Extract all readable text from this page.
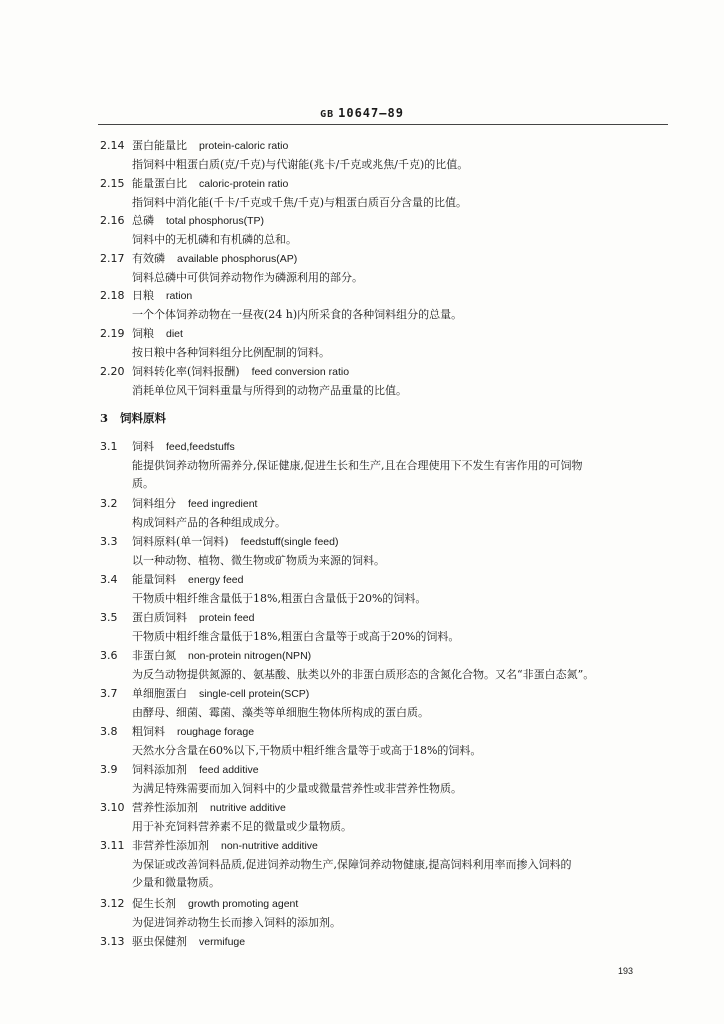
GB 10647—89
2.14 蛋白能量比 protein-caloric ratio
指饲料中粗蛋白质(克/千克)与代谢能(兆卡/千克或兆焦/千克)的比值。
2.15 能量蛋白比 caloric-protein ratio
指饲料中消化能(千卡/千克或千焦/千克)与粗蛋白质百分含量的比值。
2.16 总磷 total phosphorus(TP)
饲料中的无机磷和有机磷的总和。
2.17 有效磷 available phosphorus(AP)
饲料总磷中可供饲养动物作为磷源利用的部分。
2.18 日粮 ration
一个个体饲养动物在一昼夜(24 h)内所采食的各种饲料组分的总量。
2.19 饲粮 diet
按日粮中各种饲料组分比例配制的饲料。
2.20 饲料转化率(饲料报酬) feed conversion ratio
消耗单位风干饲料重量与所得到的动物产品重量的比值。
3 饲料原料
3.1 饲料 feed,feedstuffs
能提供饲养动物所需养分,保证健康,促进生长和生产,且在合理使用下不发生有害作用的可饲物
质。
3.2 饲料组分 feed ingredient
构成饲料产品的各种组成成分。
3.3 饲料原料(单一饲料) feedstuff(single feed)
以一种动物、植物、微生物或矿物质为来源的饲料。
3.4 能量饲料 energy feed
干物质中粗纤维含量低于18%,粗蛋白含量低于20%的饲料。
3.5 蛋白质饲料 protein feed
干物质中粗纤维含量低于18%,粗蛋白含量等于或高于20%的饲料。
3.6 非蛋白氮 non-protein nitrogen(NPN)
为反刍动物提供氮源的、氨基酸、肽类以外的非蛋白质形态的含氮化合物。又名“非蛋白态氮”。
3.7 单细胞蛋白 single-cell protein(SCP)
由酵母、细菌、霉菌、藻类等单细胞生物体所构成的蛋白质。
3.8 粗饲料 roughage forage
天然水分含量在60%以下,干物质中粗纤维含量等于或高于18%的饲料。
3.9 饲料添加剂 feed additive
为满足特殊需要而加入饲料中的少量或微量营养性或非营养性物质。
3.10 营养性添加剂 nutritive additive
用于补充饲料营养素不足的微量或少量物质。
3.11 非营养性添加剂 non-nutritive additive
为保证或改善饲料品质,促进饲养动物生产,保障饲养动物健康,提高饲料利用率而掺入饲料的
少量和微量物质。
3.12 促生长剂 growth promoting agent
为促进饲养动物生长而掺入饲料的添加剂。
3.13 驱虫保健剂 vermifuge
193
